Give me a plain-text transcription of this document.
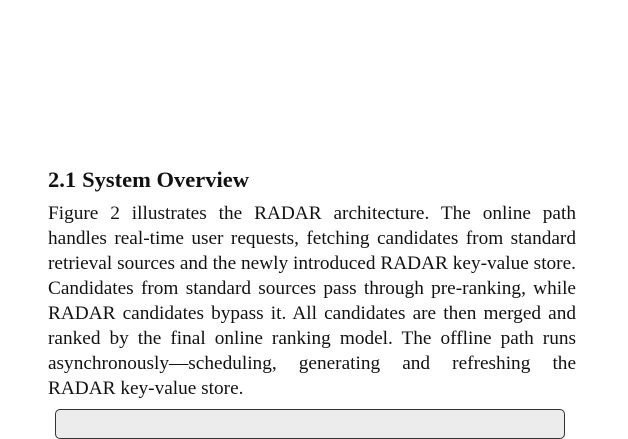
2.1 System Overview

Figure 2 illustrates the RADAR architecture. The online path handles real-time user requests, fetching candidates from standard retrieval sources and the newly introduced RADAR key-value store. Candidates from standard sources pass through pre-ranking, while RADAR candidates bypass it. All candidates are then merged and ranked by the final online ranking model. The offline path runs asynchronously—scheduling, generating and refreshing the RADAR key-value store.
